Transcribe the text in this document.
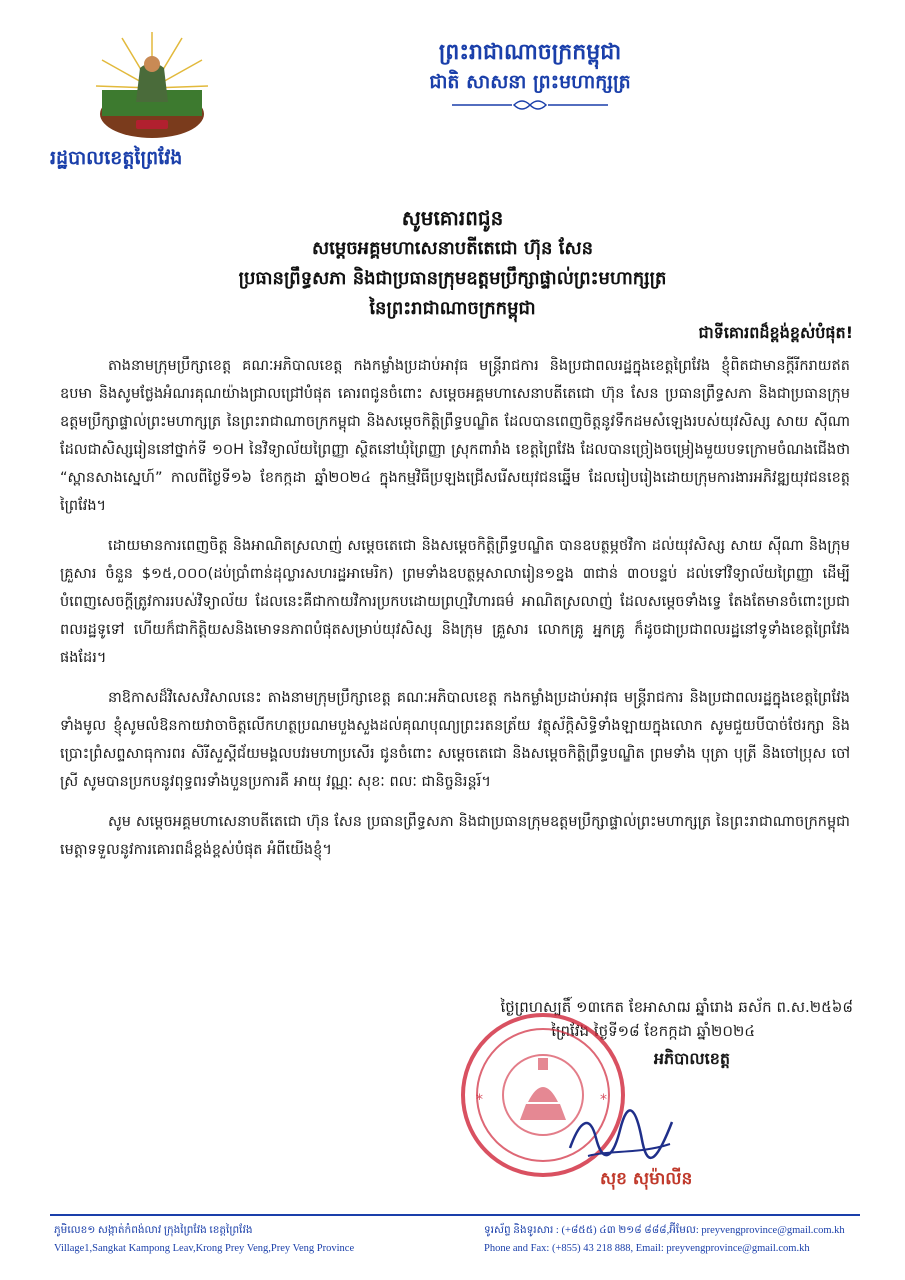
រដ្ឋបាលខេត្តព្រៃវែង
ព្រះរាជាណាចក្រកម្ពុជា
ជាតិ សាសនា ព្រះមហាក្សត្រ
សូមគោរពជូន
សម្តេចអគ្គមហាសេនាបតីតេជោ ហ៊ុន សែន
ប្រធានព្រឹទ្ធសភា និងជាប្រធានក្រុមឧត្តមប្រឹក្សាផ្ទាល់ព្រះមហាក្សត្រ
នៃព្រះរាជាណាចក្រកម្ពុជា
ជាទីគោរពដ៏ខ្ពង់ខ្ពស់បំផុត!

តាងនាមក្រុមប្រឹក្សាខេត្ត គណៈអភិបាលខេត្ត កងកម្លាំងប្រដាប់អាវុធ មន្ត្រីរាជការ និងប្រជាពលរដ្ឋក្នុងខេត្តព្រៃវែង ខ្ញុំពិតជាមានក្ដីរីករាយឥតឧបមា និងសូមថ្លែងអំណរគុណយ៉ាងជ្រាលជ្រៅបំផុត គោរពជូនចំពោះ សម្តេចអគ្គមហាសេនាបតីតេជោ ហ៊ុន សែន ប្រធានព្រឹទ្ធសភា និងជាប្រធានក្រុមឧត្តមប្រឹក្សាផ្ទាល់ព្រះមហាក្សត្រ នៃព្រះរាជាណាចក្រកម្ពុជា និងសម្តេចកិត្តិព្រឹទ្ធបណ្ឌិត ដែលបានពេញចិត្តនូវទឹកដមសំឡេងរបស់យុវសិស្ស សាយ ស៊ីណា ដែលជាសិស្សរៀននៅថ្នាក់ទី ១០H នៃវិទ្យាល័យព្រៃញ្ញា ស្ថិតនៅឃុំព្រៃញ្ញា ស្រុកពារាំង ខេត្តព្រៃវែង ដែលបានច្រៀងចម្រៀងមួយបទក្រោមចំណងជើងថា “ស្ពានសាងស្នេហ៍” កាលពីថ្ងៃទី១៦ ខែកក្កដា ឆ្នាំ២០២៤ ក្នុងកម្មវិធីប្រឡងជ្រើសរើសយុវជនឆ្នើម ដែលរៀបរៀងដោយក្រុមការងារអភិវឌ្ឍយុវជនខេត្តព្រៃវែង។

ដោយមានការពេញចិត្ត និងអាណិតស្រលាញ់ សម្តេចតេជោ និងសម្តេចកិត្តិព្រឹទ្ធបណ្ឌិត បានឧបត្ថម្ភថវិកា ដល់យុវសិស្ស សាយ ស៊ីណា និងក្រុមគ្រួសារ ចំនួន $១៥,០០០(ដប់ប្រាំពាន់ដុល្លារសហរដ្ឋអាមេរិក) ព្រមទាំងឧបត្ថម្ភសាលារៀន១ខ្នង ៣ជាន់ ៣០បន្ទប់ ដល់ទៅវិទ្យាល័យព្រៃញ្ញា ដើម្បីបំពេញសេចក្ដីត្រូវការរបស់វិទ្យាល័យ ដែលនេះគឺជាកាយវិការប្រកបដោយព្រហ្មវិហារធម៌ អាណិតស្រលាញ់ ដែលសម្តេចទាំងទ្វេ តែងតែមានចំពោះប្រជាពលរដ្ឋទូទៅ ហើយក៏ជាកិត្តិយសនិងមោទនភាពបំផុតសម្រាប់យុវសិស្ស និងក្រុម គ្រួសារ លោកគ្រូ អ្នកគ្រូ ក៏ដូចជាប្រជាពលរដ្ឋនៅទូទាំងខេត្តព្រៃវែងផងដែរ។

នាឱកាសដ៏វិសេសវិសាលនេះ តាងនាមក្រុមប្រឹក្សាខេត្ត គណៈអភិបាលខេត្ត កងកម្លាំងប្រដាប់អាវុធ មន្ត្រីរាជការ និងប្រជាពលរដ្ឋក្នុងខេត្តព្រៃវែងទាំងមូល ខ្ញុំសូមលំឱនកាយវាចាចិត្តលើកហត្ថប្រណមបួងសួងដល់គុណបុណ្យព្រះរតនត្រ័យ វត្ថុស័ក្តិសិទ្ធិទាំងឡាយក្នុងលោក សូមជួយបីបាច់ថែរក្សា និងប្រោះព្រំសព្ទសាធុការពរ សិរីសួស្ដីជ័យមង្គលបវរមហាប្រសើរ ជូនចំពោះ សម្តេចតេជោ និងសម្តេចកិត្តិព្រឹទ្ធបណ្ឌិត ព្រមទាំង បុត្រា បុត្រី និងចៅប្រុស ចៅស្រី សូមបានប្រកបនូវពុទ្ធពរទាំងបួនប្រការគឺ អាយុ វណ្ណៈ សុខៈ ពលៈ ជានិច្ចនិរន្តរ៍។

សូម សម្តេចអគ្គមហាសេនាបតីតេជោ ហ៊ុន សែន ប្រធានព្រឹទ្ធសភា និងជាប្រធានក្រុមឧត្តមប្រឹក្សាផ្ទាល់ព្រះមហាក្សត្រ នៃព្រះរាជាណាចក្រកម្ពុជា មេត្តាទទួលនូវការគោរពដ៏ខ្ពង់ខ្ពស់បំផុត អំពីយើងខ្ញុំ។

ថ្ងៃព្រហស្បតិ៍ ១៣កេត ខែអាសាឍ ឆ្នាំរោង ឆស័ក ព.ស.២៥៦៨
ព្រៃវែង ថ្ងៃទី១៨ ខែកក្កដា ឆ្នាំ២០២៤
*	*
អភិបាលខេត្ត
សុខ សុម៉ាលីន
ភូមិលេខ១ សង្កាត់កំពង់លាវ ក្រុងព្រៃវែង ខេត្តព្រៃវែង
Village1,Sangkat Kampong Leav,Krong Prey Veng,Prey Veng Province
ទូរស័ព្ទ និងទូរសារ : (+៨៥៥) ៤៣ ២១៨ ៨៨៨,អ៊ីមែល: preyvengprovince@gmail.com.kh
Phone and Fax: (+855) 43 218 888, Email: preyvengprovince@gmail.com.kh
